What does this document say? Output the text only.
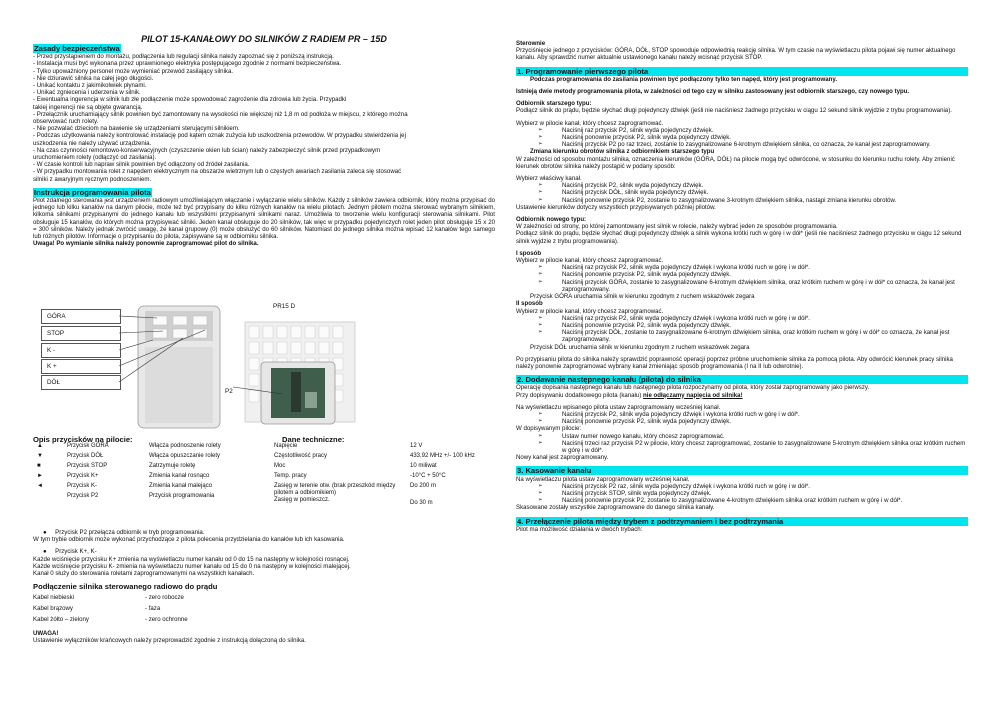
PILOT 15-KANAŁOWY DO SILNIKÓW Z RADIEM PR – 15D

Zasady bezpieczeństwa

- Przed przystąpieniem do montażu, podłączenia lub regulacji silnika należy zapoznać się z poniższą instrukcją.

- Instalacja musi być wykonana przez uprawnionego elektryka postępującego zgodnie z normami bezpieczeństwa.

- Tylko upoważniony personel może wymieniać przewód zasilający silnika.

- Nie dziurawić silnika na całej jego długości.

- Unikać kontaktu z jakimikolwiek płynami.

- Unikać zgniecenia i uderzenia w silnik.

- Ewentualna ingerencja w silnik lub złe podłączenie może spowodować zagrożenie dla zdrowia lub życia. Przypadki

takiej ingerencji nie są objęte gwarancją.

- Przełącznik uruchamiający silnik powinien być zamontowany na wysokości nie większej niż 1,8 m od podłoża w miejscu, z którego można

obserwować ruch rolety.

- Nie pozwalać dzieciom na bawienie się urządzeniami sterującymi silnikiem.

- Podczas użytkowania należy kontrolować instalację pod kątem oznak zużycia lub uszkodzenia przewodów. W przypadku stwierdzenia jej

uszkodzenia nie należy używać urządzenia.

- Na czas czynności remontowo-konserwacyjnych (czyszczenie okien lub ścian) należy zabezpieczyć silnik przed przypadkowym

uruchomieniem rolety (odłączyć od zasilania).

- W czasie kontroli lub napraw silnik powinien być odłączony od źródeł zasilania.

- W przypadku montowania rolet z napędem elektrycznym na obszarze wietrznym lub o częstych awariach zasilania zaleca się stosować

silniki z awaryjnym ręcznym podnoszeniem.

Instrukcja programowania pilota

Pilot zdalnego sterowania jest urządzeniem radiowym umożliwiającym włączanie i wyłączanie wielu silników. Każdy z silników zawiera odbiornik, który można przypisać do jednego lub kilku kanałów na danym pilocie, może też być przypisany do kilku różnych kanałów na wielu pilotach. Jednym pilotem można sterować wybranym silnikiem, kilkoma silnikami przypisanymi do jednego kanału lub wszystkimi przypisanymi silnikami naraz. Umożliwia to tworzenie wielu konfiguracji sterowania silnikami. Pilot obsługuje 15 kanałów, do których można przypisywać silniki. Jeden kanał obsługuje do 20 silników, tak więc w przypadku pojedynczych rolet jeden pilot obsługuje 15 x 20 = 300 silników. Należy jednak zwrócić uwagę, że kanał grupowy (0) może obsłużyć do 60 silników. Natomiast do jednego silnika można wpisać 12 kanałów tego samego lub różnych pilotów. Informacje o przypisaniu do pilota, zapisywane są w odbiorniku silnika.

Uwaga! Po wymianie silnika należy ponownie zaprogramować pilot do silnika.

GÓRA
STOP
K -
K +
DÓŁ
PR15 D
P2
Opis przycisków na pilocie:
▲	Przycisk GÓRA	Włącza podnoszenie rolety
▼	Przycisk DÓŁ	Włącza opuszczanie rolety
■	Przycisk STOP	Zatrzymuje roletę
►	Przycisk K+	Zmienia kanał rosnąco
◄	Przycisk K-	Zmienia kanał malejąco
	Przycisk P2	Przycisk programowania
Dane techniczne:
Napięcie	12 V
Częstotliwość pracy	433,92 MHz +/- 100 kHz
Moc	10 miliwat
Temp. pracy	-10°C + 50°C
Zasięg w terenie otw. (brak przeszkód między pilotem a odbiornikiem)	Do 200 m
Zasięg w pomieszcz.	Do 30 m

●     Przycisk P2 przełącza odbiornik w tryb programowania.

W tym trybie odbiornik może wykonać przychodzące z pilota polecenia przydzielania do kanałów lub ich kasowania.

●     Przycisk K+, K-

Każde wciśnięcie przycisku K+ zmienia na wyświetlaczu numer kanału od 0 do 15 na następny w kolejności rosnącej.

Każde wciśnięcie przycisku K- zmienia na wyświetlaczu numer kanału od 15 do 0 na następny w kolejności malejącej.

Kanał 0 służy do sterowania roletami zaprogramowanymi na wszystkich kanałach.

Podłączenie silnika sterowanego radiowo do prądu

Kabel niebieski	- zero robocze
Kabel brązowy	- faza
Kabel żółto – zielony	- zero ochronne

UWAGA!

Ustawienie wyłączników krańcowych należy przeprowadzić zgodnie z instrukcją dołączoną do silnika.

Sterownie

Przyciśnięcie jednego z przycisków: GÓRA, DÓŁ, STOP spowoduje odpowiednią reakcję silnika. W tym czasie na wyświetlaczu pilota pojawi się numer aktualnego kanału. Aby sprawdzić numer aktualnie ustawionego kanału należy wcisnąć przycisk STOP.

1. Programowanie pierwszego pilota

Podczas programowania do zasilania powinien być podłączony tylko ten napęd, który jest programowany.

Istnieją dwie metody programowania pilota, w zależności od tego czy w silniku zastosowany jest odbiornik starszego, czy nowego typu.

Odbiornik starszego typu:

Podłącz silnik do prądu, będzie słychać długi pojedynczy dźwięk (jeśli nie naciśniesz żadnego przycisku w ciągu 12 sekund silnik wyjdzie z trybu programowania).

Wybierz w pilocie kanał, który chcesz zaprogramować.

➢ Naciśnij raz przycisk P2, silnik wyda pojedynczy dźwięk.

➢ Naciśnij ponownie przycisk P2, silnik wyda pojedynczy dźwięk.

➢ Naciśnij przycisk P2 po raz trzeci, zostanie to zasygnalizowane 6-krotnym dźwiękiem silnika, co oznacza, że kanał jest zaprogramowany.

Zmiana kierunku obrotów silnika z odbiornikiem starszego typu

W zależności od sposobu montażu silnika, oznaczenia kierunków (GÓRA, DÓŁ) na pilocie mogą być odwrócone, w stosunku do kierunku ruchu rolety. Aby zmienić kierunek obrotów silnika należy postąpić w podany sposób:

Wybierz właściwy kanał.

➢ Naciśnij przycisk P2, silnik wyda pojedynczy dźwięk.

➢ Naciśnij przycisk DÓŁ, silnik wyda pojedynczy dźwięk.

➢ Naciśnij ponownie przycisk P2, zostanie to zasygnalizowane 3-krotnym dźwiękiem silnika, nastąpi zmiana kierunku obrotów.

Ustawienie kierunków dotyczy wszystkich przypisywanych później pilotów.

Odbiornik nowego typu:

W zależności od strony, po której zamontowany jest silnik w rolecie, należy wybrać jeden ze sposobów programowania.

Podłącz silnik do prądu, będzie słychać długi pojedynczy dźwięk a silnik wykona krótki ruch w górę i w dół* (jeśli nie naciśniesz żadnego przycisku w ciągu 12 sekund silnik wyjdzie z trybu programowania).

I sposób

Wybierz w pilocie kanał, który chcesz zaprogramować.

➢ Naciśnij raz przycisk P2, silnik wyda pojedynczy dźwięk i wykona krótki ruch w górę i w dół*.

➢ Naciśnij ponownie przycisk P2, silnik wyda pojedynczy dźwięk.

➢ Naciśnij przycisk GÓRA, zostanie to zasygnalizowane 6-krotnym dźwiękiem silnika, oraz krótkim ruchem w górę i w dół* co oznacza, że kanał jest zaprogramowany.

Przycisk GÓRA uruchamia silnik w kierunku zgodnym z ruchem wskazówek zegara

II sposób

Wybierz w pilocie kanał, który chcesz zaprogramować.

➢ Naciśnij raz przycisk P2, silnik wyda pojedynczy dźwięk i wykona krótki ruch w górę i w dół*.

➢ Naciśnij ponownie przycisk P2, silnik wyda pojedynczy dźwięk.

➢ Naciśnij przycisk DÓŁ, zostanie to zasygnalizowane 6-krotnym dźwiękiem silnika, oraz krótkim ruchem w górę i w dół* co oznacza, że kanał jest zaprogramowany.

Przycisk DÓŁ uruchamia silnik w kierunku zgodnym z ruchem wskazówek zegara

Po przypisaniu pilota do silnika należy sprawdzić poprawność operacji poprzez próbne uruchomienie silnika za pomocą pilota. Aby odwrócić kierunek pracy silnika należy ponownie zaprogramować wybrany kanał zmieniając sposób programowania (I na II lub odwrotnie).

2. Dodawanie następnego kanału (pilota) do silnika

Operację dopisania następnego kanału lub następnego pilota rozpoczynamy od pilota, który został zaprogramowany jako pierwszy.

Przy dopisywaniu dodatkowego pilota (kanału) nie odłączamy napięcia od silnika!

Na wyświetlaczu wpisanego pilota ustaw zaprogramowany wcześniej kanał.

➢ Naciśnij przycisk P2, silnik wyda pojedynczy dźwięk i wykona krótki ruch w górę i w dół*.

➢ Naciśnij ponownie przycisk P2, silnik wyda pojedynczy dźwięk.

W dopisywanym pilocie:

➢ Ustaw numer nowego kanału, który chcesz zaprogramować.

➢ Naciśnij trzeci raz przycisk P2 w pilocie, który chcesz zaprogramować, zostanie to zasygnalizowane 5-krotnym dźwiękiem silnika oraz krótkim ruchem w górę i w dół*.

Nowy kanał jest zaprogramowany.

3. Kasowanie kanału

Na wyświetlaczu pilota ustaw zaprogramowany wcześniej kanał.

➢ Naciśnij przycisk P2 raz, silnik wyda pojedynczy dźwięk i wykona krótki ruch w górę i w dół*.

➢ Naciśnij przycisk STOP, silnik wyda pojedynczy dźwięk.

➢ Naciśnij ponownie przycisk P2, zostanie to zasygnalizowane 4-krotnym dźwiękiem silnika oraz krótkim ruchem w górę i w dół*.

Skasowane zostały wszystkie zaprogramowane do danego silnika kanały.

4. Przełączenie pilota między trybem z podtrzymaniem i bez podtrzymania

Pilot ma możliwość działania w dwóch trybach:
